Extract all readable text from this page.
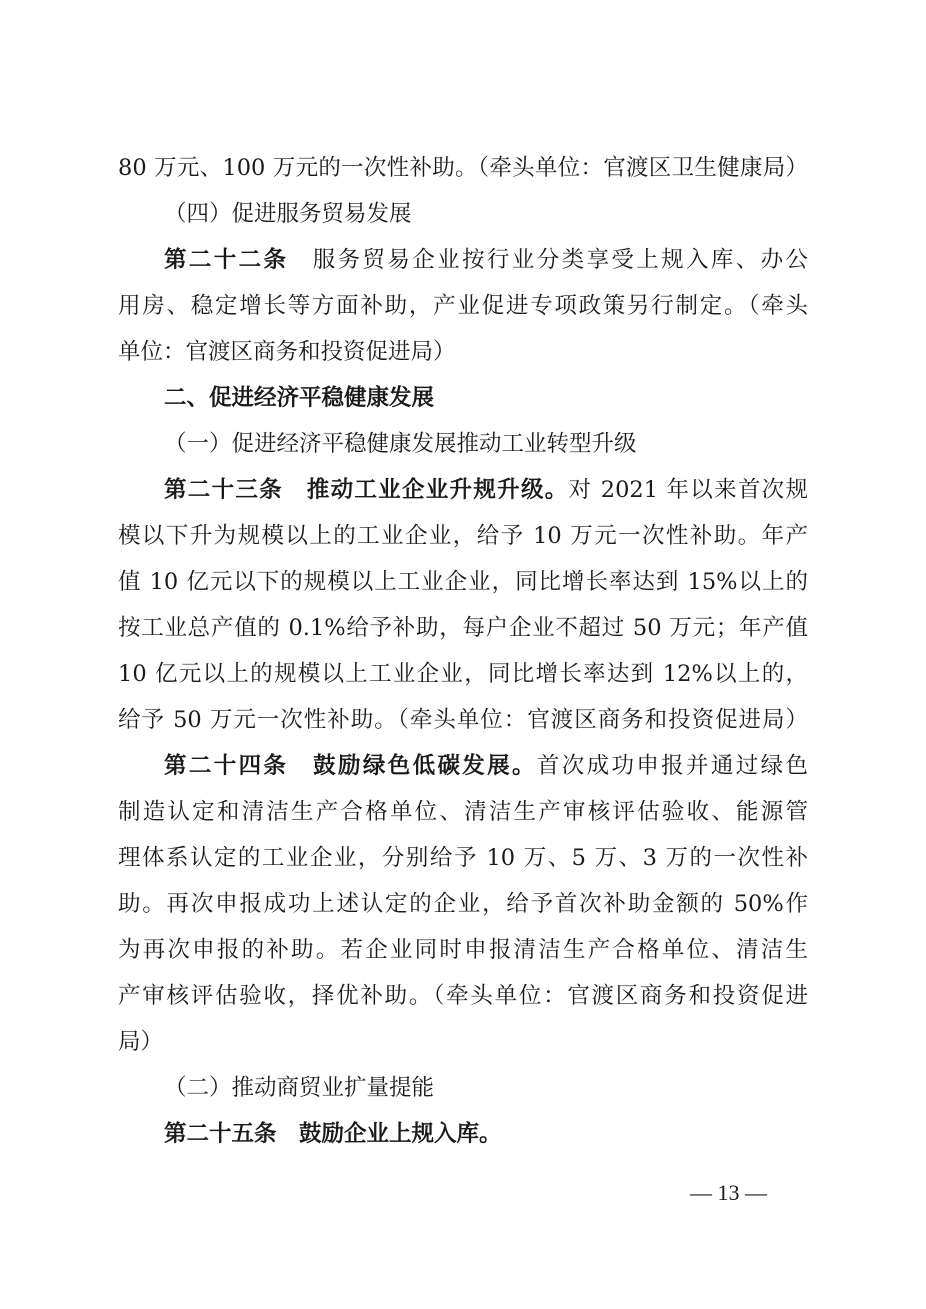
80 万元、100 万元的一次性补助。（牵头单位：官渡区卫生健康局）
（四）促进服务贸易发展
第二十二条 服务贸易企业按行业分类享受上规入库、办公
用房、稳定增长等方面补助，产业促进专项政策另行制定。（牵头
单位：官渡区商务和投资促进局）
二、促进经济平稳健康发展
（一）促进经济平稳健康发展推动工业转型升级
第二十三条　推动工业企业升规升级。对 2021 年以来首次规
模以下升为规模以上的工业企业，给予 10 万元一次性补助。年产
值 10 亿元以下的规模以上工业企业，同比增长率达到 15%以上的
按工业总产值的 0.1%给予补助，每户企业不超过 50 万元；年产值
10 亿元以上的规模以上工业企业，同比增长率达到 12%以上的，
给予 50 万元一次性补助。（牵头单位：官渡区商务和投资促进局）
第二十四条　鼓励绿色低碳发展。首次成功申报并通过绿色
制造认定和清洁生产合格单位、清洁生产审核评估验收、能源管
理体系认定的工业企业，分别给予 10 万、5 万、3 万的一次性补
助。再次申报成功上述认定的企业，给予首次补助金额的 50%作
为再次申报的补助。若企业同时申报清洁生产合格单位、清洁生
产审核评估验收，择优补助。（牵头单位：官渡区商务和投资促进
局）
（二）推动商贸业扩量提能
第二十五条　鼓励企业上规入库。
— 13 —
